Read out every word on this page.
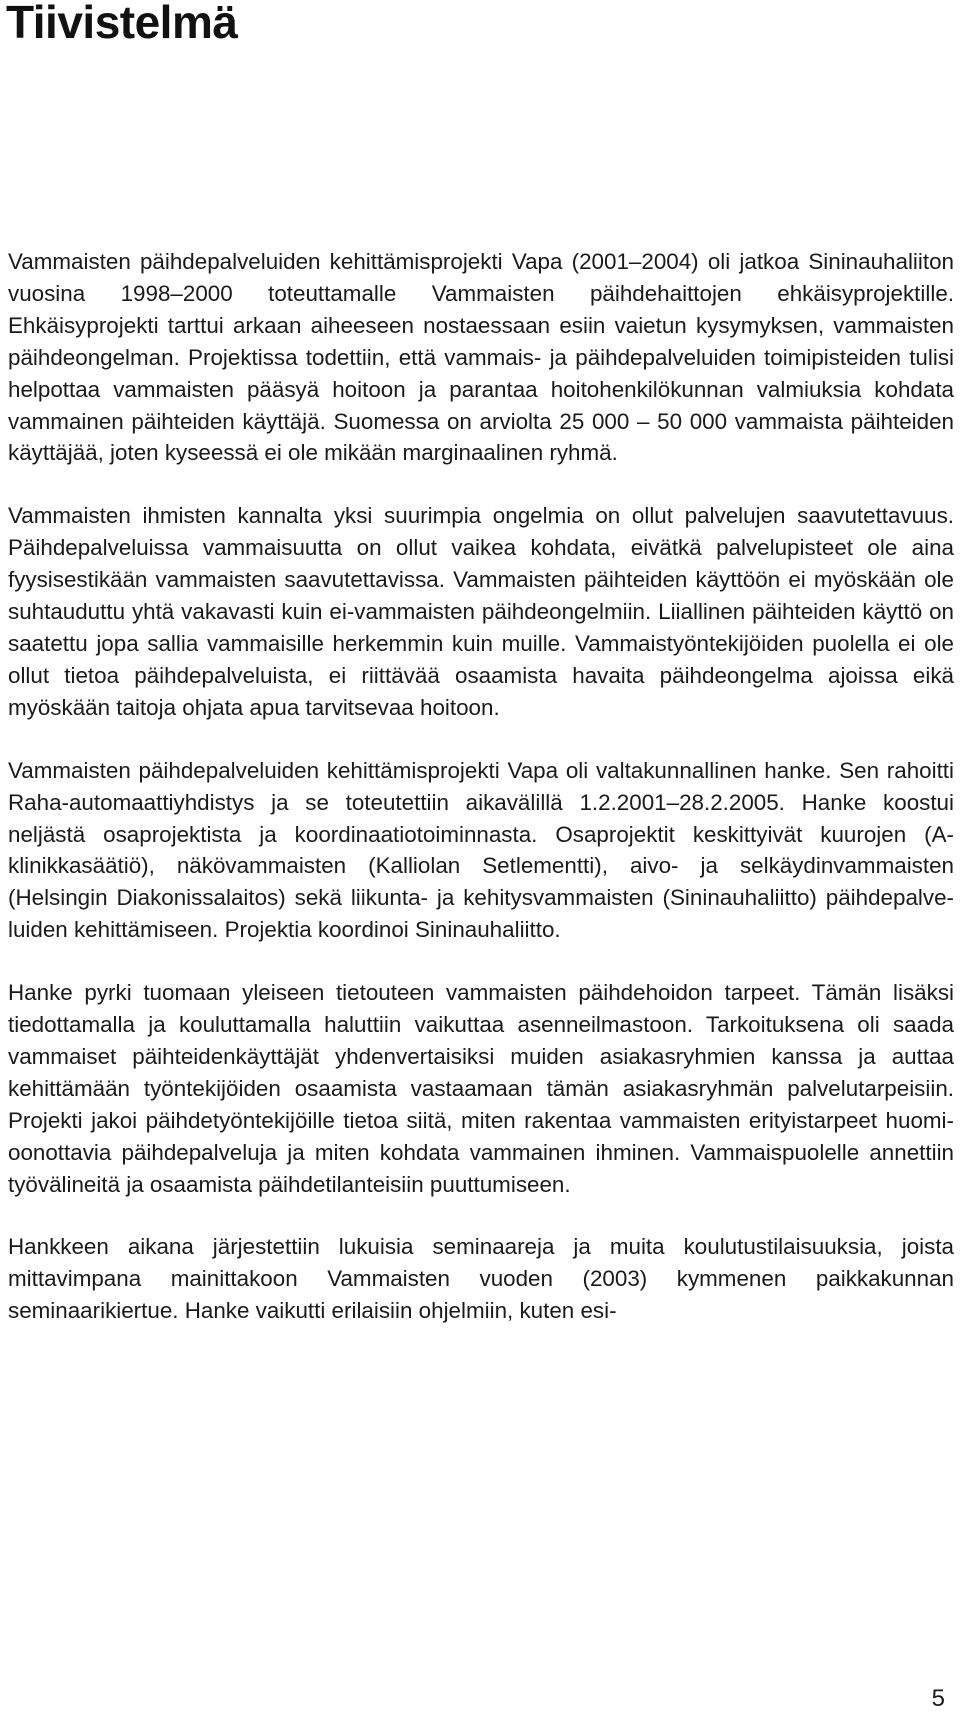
Tiivistelmä

Vammaisten päihdepalveluiden kehittämisprojekti Vapa (2001–2004) oli jatkoa Sininauhaliiton vuosina 1998–2000 toteuttamalle Vammaisten päihdehaittojen ehkäisyprojektille. Ehkäisyprojekti tarttui arkaan aiheeseen nostaessaan esiin vaietun kysymyksen, vammaisten päihdeongelman. Projektissa todettiin, että vammais- ja päihdepalveluiden toimipisteiden tulisi helpottaa vammaisten pääsyä hoitoon ja parantaa hoitohenkilökunnan valmiuksia kohdata vammainen päihteiden käyttäjä. Suomessa on arviolta 25 000 – 50 000 vammaista päihteiden käyttäjää, joten kyseessä ei ole mikään marginaalinen ryhmä.

Vammaisten ihmisten kannalta yksi suurimpia ongelmia on ollut palvelujen saavutettavuus. Päihdepalveluissa vammaisuutta on ollut vaikea kohdata, eivätkä palvelupisteet ole aina fyysisestikään vammaisten saavutettavissa. Vammaisten päihteiden käyttöön ei myöskään ole suhtauduttu yhtä vakavasti kuin ei-vammaisten päihdeongelmiin. Liiallinen päihteiden käyttö on saatettu jopa sallia vammaisille herkemmin kuin muille. Vammaistyöntekijöiden puolella ei ole ollut tietoa päihdepalveluista, ei riittävää osaamista havaita päihdeongelma ajoissa eikä myöskään taitoja ohjata apua tarvitsevaa hoitoon.

Vammaisten päihdepalveluiden kehittämisprojekti Vapa oli valtakunnallinen hanke. Sen rahoitti Raha-automaattiyhdistys ja se toteutettiin aikavälillä 1.2.2001–28.2.2005. Hanke koostui neljästä osaprojektista ja koordinaatiotoiminnasta. Osaprojektit keskittyivät kuurojen (A-klinikkasäätiö), näkövammaisten (Kalliolan Setlementti), aivo- ja selkäydinvammaisten (Helsingin Diakonissalaitos) sekä liikunta- ja kehitysvammaisten (Sininauhaliitto) päihdepalveluiden kehittämiseen. Projektia koordinoi Sininauhaliitto.

Hanke pyrki tuomaan yleiseen tietouteen vammaisten päihdehoidon tarpeet. Tämän lisäksi tiedottamalla ja kouluttamalla haluttiin vaikuttaa asenneilmastoon. Tarkoituksena oli saada vammaiset päihteidenkäyttäjät yhdenvertaisiksi muiden asiakasryhmien kanssa ja auttaa kehittämään työntekijöiden osaamista vastaamaan tämän asiakasryhmän palvelutarpeisiin. Projekti jakoi päihdetyöntekijöille tietoa siitä, miten rakentaa vammaisten erityistarpeet huomioonottavia päihdepalveluja ja miten kohdata vammainen ihminen. Vammaispuolelle annettiin työvälineitä ja osaamista päihdetilanteisiin puuttumiseen.

Hankkeen aikana järjestettiin lukuisia seminaareja ja muita koulutustilaisuuksia, joista mittavimpana mainittakoon Vammaisten vuoden (2003) kymmenen paikkakunnan seminaarikiertue. Hanke vaikutti erilaisiin ohjelmiin, kuten esi-

5
